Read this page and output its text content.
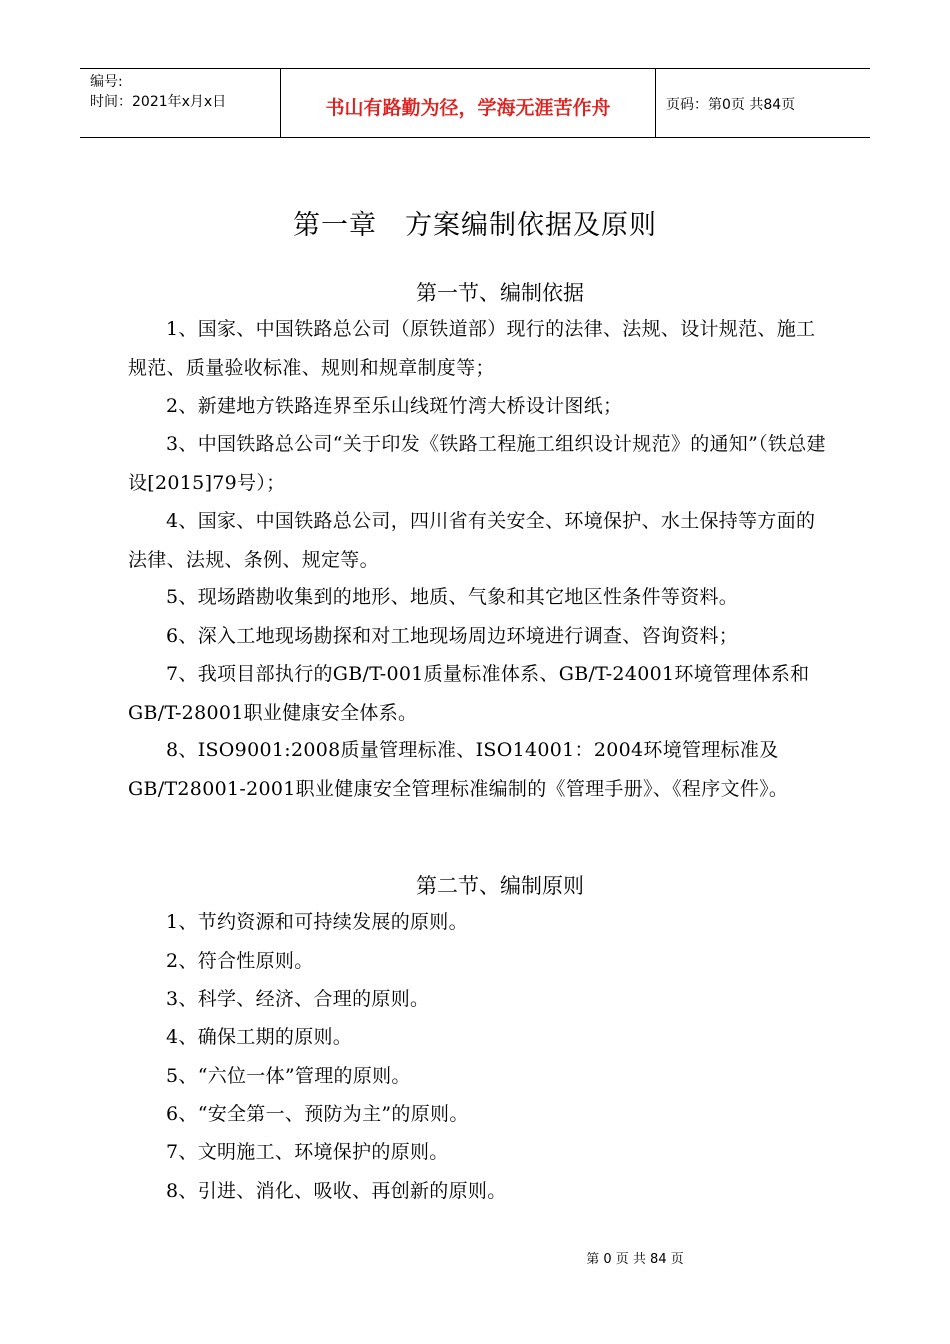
编号:
时间：2021年x月x日	书山有路勤为径，学海无涯苦作舟	页码：第0页 共84页
第一章 方案编制依据及原则
第一节、编制依据

1、国家、中国铁路总公司（原铁道部）现行的法律、法规、设计规范、施工规范、质量验收标准、规则和规章制度等；

2、新建地方铁路连界至乐山线斑竹湾大桥设计图纸；

3、中国铁路总公司“关于印发《铁路工程施工组织设计规范》的通知”（铁总建设[2015]79号）；

4、国家、中国铁路总公司，四川省有关安全、环境保护、水土保持等方面的法律、法规、条例、规定等。

5、现场踏勘收集到的地形、地质、气象和其它地区性条件等资料。

6、深入工地现场勘探和对工地现场周边环境进行调查、咨询资料；

7、我项目部执行的GB/T-001质量标准体系、GB/T-24001环境管理体系和GB/T-28001职业健康安全体系。

8、ISO9001:2008质量管理标准、ISO14001：2004环境管理标准及GB/T28001-2001职业健康安全管理标准编制的《管理手册》、《程序文件》。

第二节、编制原则
1、节约资源和可持续发展的原则。
2、符合性原则。
3、科学、经济、合理的原则。
4、确保工期的原则。
5、“六位一体”管理的原则。
6、“安全第一、预防为主”的原则。
7、文明施工、环境保护的原则。
8、引进、消化、吸收、再创新的原则。
第 0 页 共 84 页
